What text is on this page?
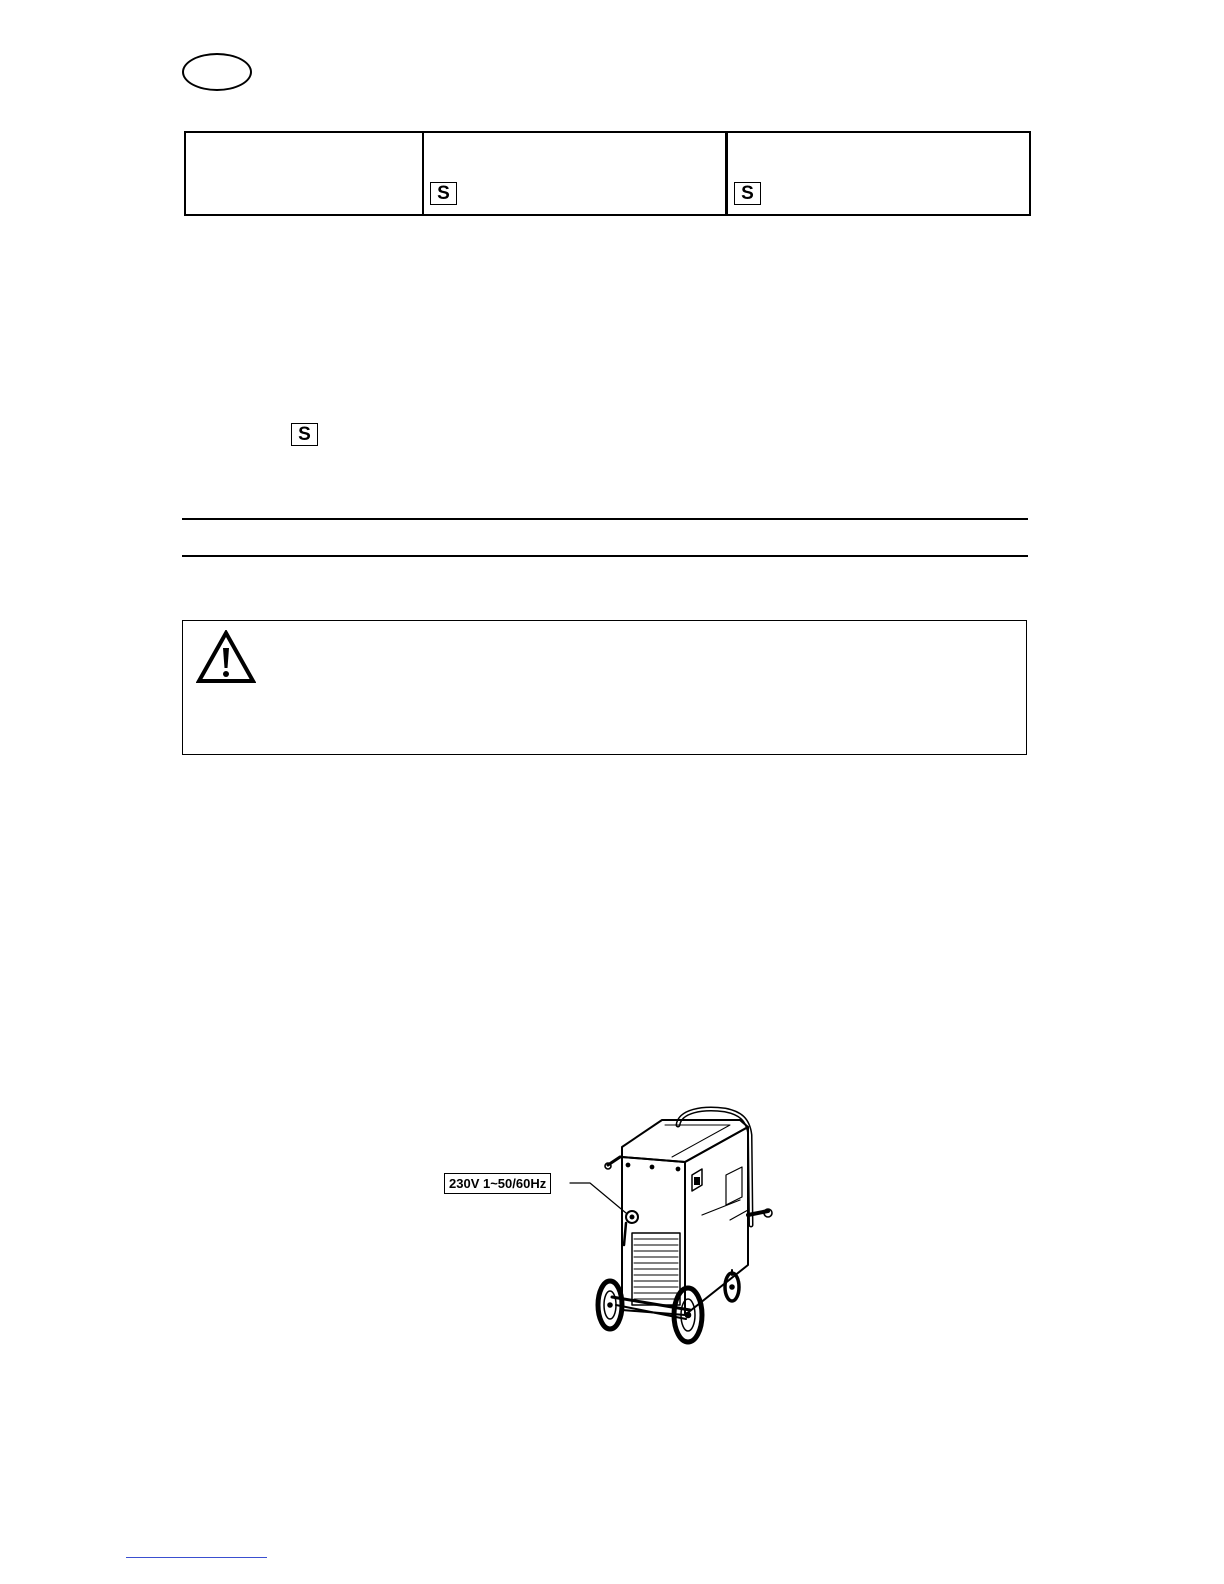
S	S
S
230V 1~50/60Hz
